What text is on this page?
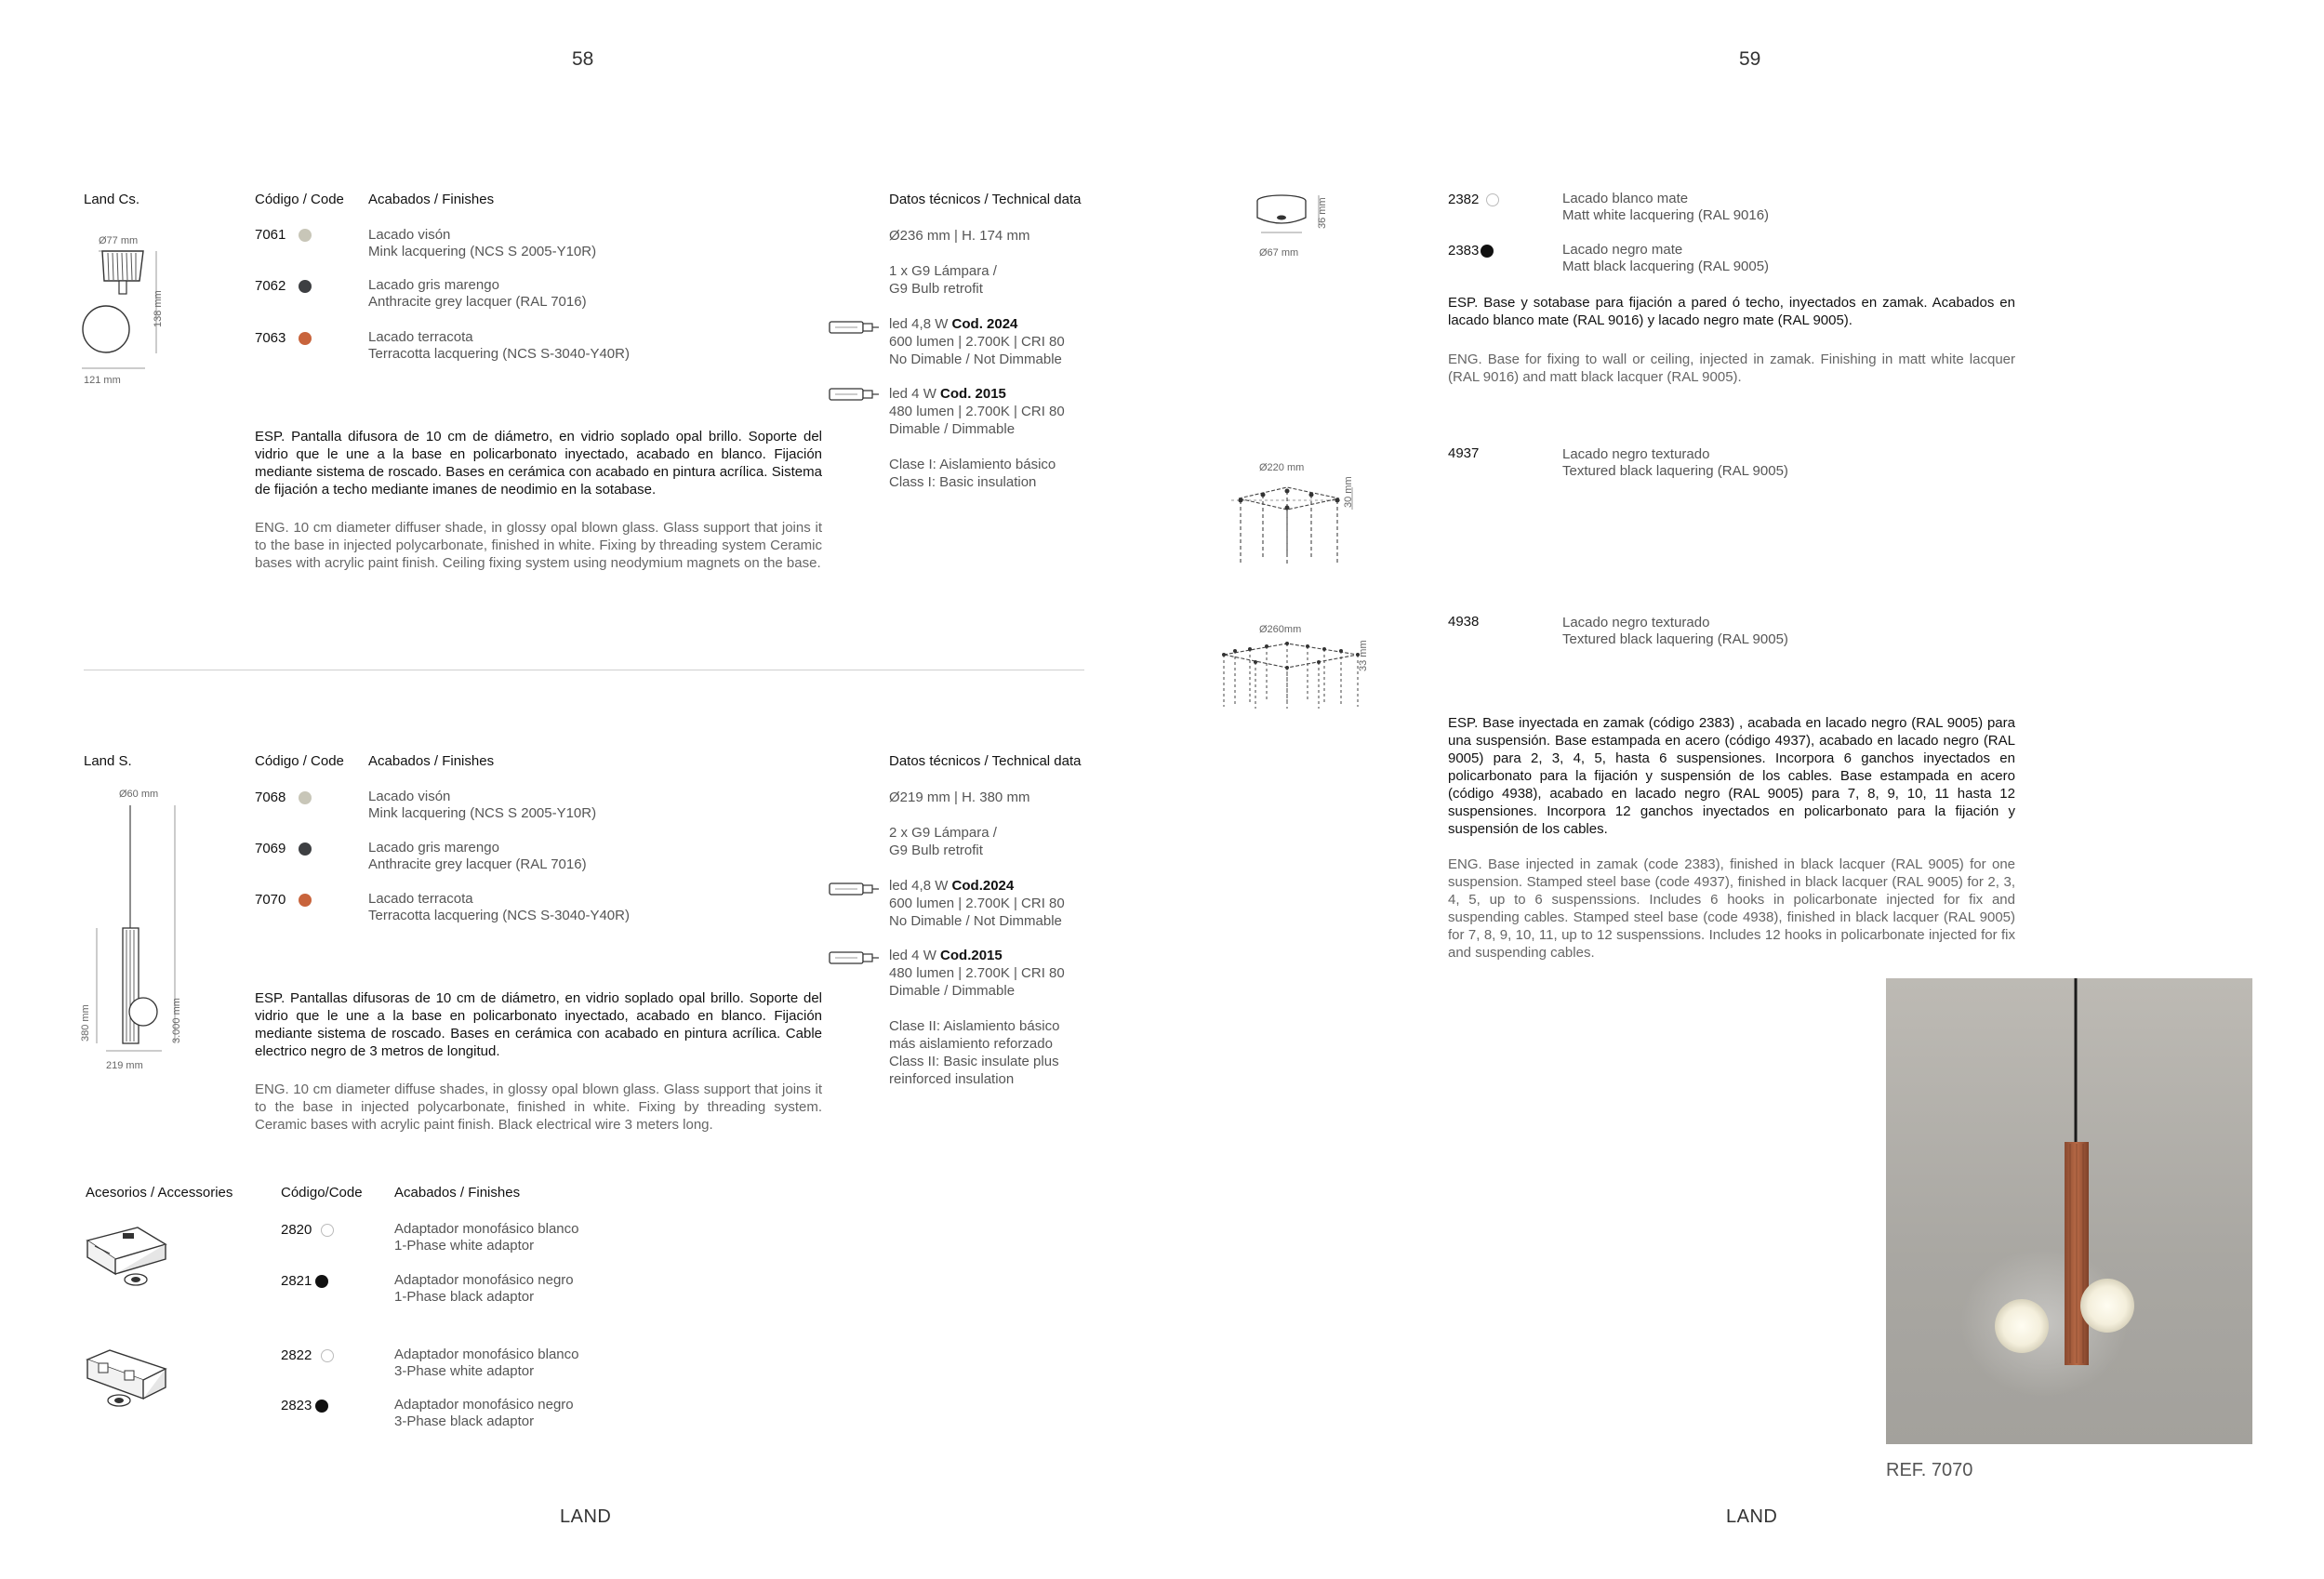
58	59
Land Cs.	Código / Code Acabados / Finishes	Datos técnicos / Technical data
Ø77 mm
138 mm
121 mm
7061	Lacado visón
Mink lacquering (NCS S 2005-Y10R)
7062	Lacado gris marengo
Anthracite grey lacquer (RAL 7016)
7063	Lacado terracota
Terracotta lacquering (NCS S-3040-Y40R)
Ø236 mm | H. 174 mm
1 x G9 Lámpara /
G9 Bulb retrofit
led 4,8 W Cod. 2024
600 lumen | 2.700K | CRI 80
No Dimable / Not Dimmable
led 4 W Cod. 2015
480 lumen | 2.700K | CRI 80
Dimable / Dimmable
Clase I: Aislamiento básico
Class I: Basic insulation
ESP. Pantalla difusora de 10 cm de diámetro, en vidrio soplado opal brillo. Soporte del vidrio que le une a la base en policarbonato inyectado, acabado en blanco. Fijación mediante sistema de roscado. Bases en cerámica con acabado en pintura acrílica. Sistema de fijación a techo mediante imanes de neodimio en la sotabase.
ENG. 10 cm diameter diffuser shade, in glossy opal blown glass. Glass support that joins it to the base in injected polycarbonate, finished in white. Fixing by threading system Ceramic bases with acrylic paint finish. Ceiling fixing system using neodymium magnets on the base.
Land S.	Código / Code Acabados / Finishes	Datos técnicos / Technical data
Ø60 mm
380 mm	3.000 mm
219 mm
7068	Lacado visón
Mink lacquering (NCS S 2005-Y10R)
7069	Lacado gris marengo
Anthracite grey lacquer (RAL 7016)
7070	Lacado terracota
Terracotta lacquering (NCS S-3040-Y40R)
Ø219 mm | H. 380 mm
2 x G9 Lámpara /
G9 Bulb retrofit
led 4,8 W Cod.2024
600 lumen | 2.700K | CRI 80
No Dimable / Not Dimmable
led 4 W Cod.2015
480 lumen | 2.700K | CRI 80
Dimable / Dimmable
Clase II: Aislamiento básico
más aislamiento reforzado
Class II: Basic insulate plus
reinforced insulation
ESP. Pantallas difusoras de 10 cm de diámetro, en vidrio soplado opal brillo. Soporte del vidrio que le une a la base en policarbonato inyectado, acabado en blanco. Fijación mediante sistema de roscado. Bases en cerámica con acabado en pintura acrílica. Cable electrico negro de 3 metros de longitud.
ENG. 10 cm diameter diffuse shades, in glossy opal blown glass. Glass support that joins it to the base in injected polycarbonate, finished in white. Fixing by threading system. Ceramic bases with acrylic paint finish. Black electrical wire 3 meters long.
Acesorios / Accessories	Código/Code Acabados / Finishes
2820	Adaptador monofásico blanco
1-Phase white adaptor
2821	Adaptador monofásico negro
1-Phase black adaptor
2822	Adaptador monofásico blanco
3-Phase white adaptor
2823	Adaptador monofásico negro
3-Phase black adaptor
LAND
36 mm
Ø67 mm
2382	Lacado blanco mate
Matt white lacquering (RAL 9016)
2383	Lacado negro mate
Matt black lacquering (RAL 9005)
ESP. Base y sotabase para fijación a pared ó techo, inyectados en zamak. Acabados en lacado blanco mate (RAL 9016) y lacado negro mate (RAL 9005).
ENG. Base for fixing to wall or ceiling, injected in zamak. Finishing in matt white lacquer (RAL 9016) and matt black lacquer (RAL 9005).
Ø220 mm
30 mm
4937	Lacado negro texturado
Textured black laquering (RAL 9005)
Ø260mm
33 mm
4938	Lacado negro texturado
Textured black laquering (RAL 9005)
ESP. Base inyectada en zamak (código 2383) , acabada en lacado negro (RAL 9005) para una suspensión. Base estampada en acero (código 4937), acabado en lacado negro (RAL 9005) para 2, 3, 4, 5, hasta 6 suspensiones. Incorpora 6 ganchos inyectados en policarbonato para la fijación y suspensión de los cables. Base estampada en acero (código 4938), acabado en lacado negro (RAL 9005) para 7, 8, 9, 10, 11 hasta 12 suspensiones. Incorpora 12 ganchos inyectados en policarbonato para la fijación y suspensión de los cables.
ENG. Base injected in zamak (code 2383), finished in black lacquer (RAL 9005) for one suspension. Stamped steel base (code 4937), finished in black lacquer (RAL 9005) for 2, 3, 4, 5, up to 6 suspenssions. Includes 6 hooks in policarbonate injected for fix and suspending cables. Stamped steel base (code 4938), finished in black lacquer (RAL 9005) for 7, 8, 9, 10, 11, up to 12 suspenssions. Includes 12 hooks in policarbonate injected for fix and suspending cables.
REF. 7070
LAND
